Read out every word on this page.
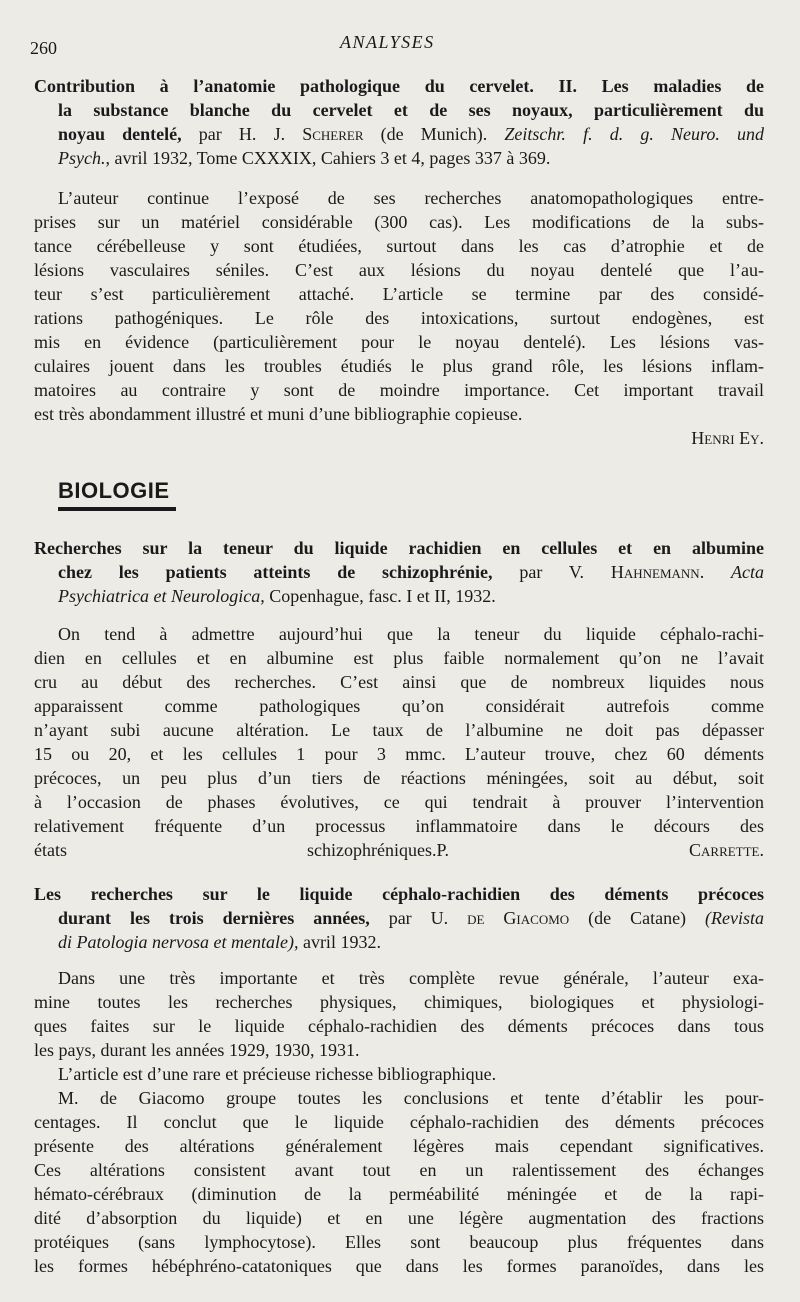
260	ANALYSES
Contribution à l’anatomie pathologique du cervelet. II. Les maladies de
la substance blanche du cervelet et de ses noyaux, particulièrement du
noyau dentelé, par H. J. Scherer (de Munich). Zeitschr. f. d. g. Neuro. und
Psych., avril 1932, Tome CXXXIX, Cahiers 3 et 4, pages 337 à 369.
L’auteur continue l’exposé de ses recherches anatomopathologiques entre-
prises sur un matériel considérable (300 cas). Les modifications de la subs-
tance cérébelleuse y sont étudiées, surtout dans les cas d’atrophie et de
lésions vasculaires séniles. C’est aux lésions du noyau dentelé que l’au-
teur s’est particulièrement attaché. L’article se termine par des considé-
rations pathogéniques. Le rôle des intoxications, surtout endogènes, est
mis en évidence (particulièrement pour le noyau dentelé). Les lésions vas-
culaires jouent dans les troubles étudiés le plus grand rôle, les lésions inflam-
matoires au contraire y sont de moindre importance. Cet important travail
est très abondamment illustré et muni d’une bibliographie copieuse.
Henri Ey.
BIOLOGIE
Recherches sur la teneur du liquide rachidien en cellules et en albumine
chez les patients atteints de schizophrénie, par V. Hahnemann. Acta
Psychiatrica et Neurologica, Copenhague, fasc. I et II, 1932.
On tend à admettre aujourd’hui que la teneur du liquide céphalo-rachi-
dien en cellules et en albumine est plus faible normalement qu’on ne l’avait
cru au début des recherches. C’est ainsi que de nombreux liquides nous
apparaissent comme pathologiques qu’on considérait autrefois comme
n’ayant subi aucune altération. Le taux de l’albumine ne doit pas dépasser
15 ou 20, et les cellules 1 pour 3 mmc. L’auteur trouve, chez 60 déments
précoces, un peu plus d’un tiers de réactions méningées, soit au début, soit
à l’occasion de phases évolutives, ce qui tendrait à prouver l’intervention
relativement fréquente d’un processus inflammatoire dans le décours des
états schizophréniques.P. Carrette.
Les recherches sur le liquide céphalo-rachidien des déments précoces
durant les trois dernières années, par U. de Giacomo (de Catane) (Revista
di Patologia nervosa et mentale), avril 1932.
Dans une très importante et très complète revue générale, l’auteur exa-
mine toutes les recherches physiques, chimiques, biologiques et physiologi-
ques faites sur le liquide céphalo-rachidien des déments précoces dans tous
les pays, durant les années 1929, 1930, 1931.
L’article est d’une rare et précieuse richesse bibliographique.
M. de Giacomo groupe toutes les conclusions et tente d’établir les pour-
centages. Il conclut que le liquide céphalo-rachidien des déments précoces
présente des altérations généralement légères mais cependant significatives.
Ces altérations consistent avant tout en un ralentissement des échanges
hémato-cérébraux (diminution de la perméabilité méningée et de la rapi-
dité d’absorption du liquide) et en une légère augmentation des fractions
protéiques (sans lymphocytose). Elles sont beaucoup plus fréquentes dans
les formes hébéphréno-catatoniques que dans les formes paranoïdes, dans les
